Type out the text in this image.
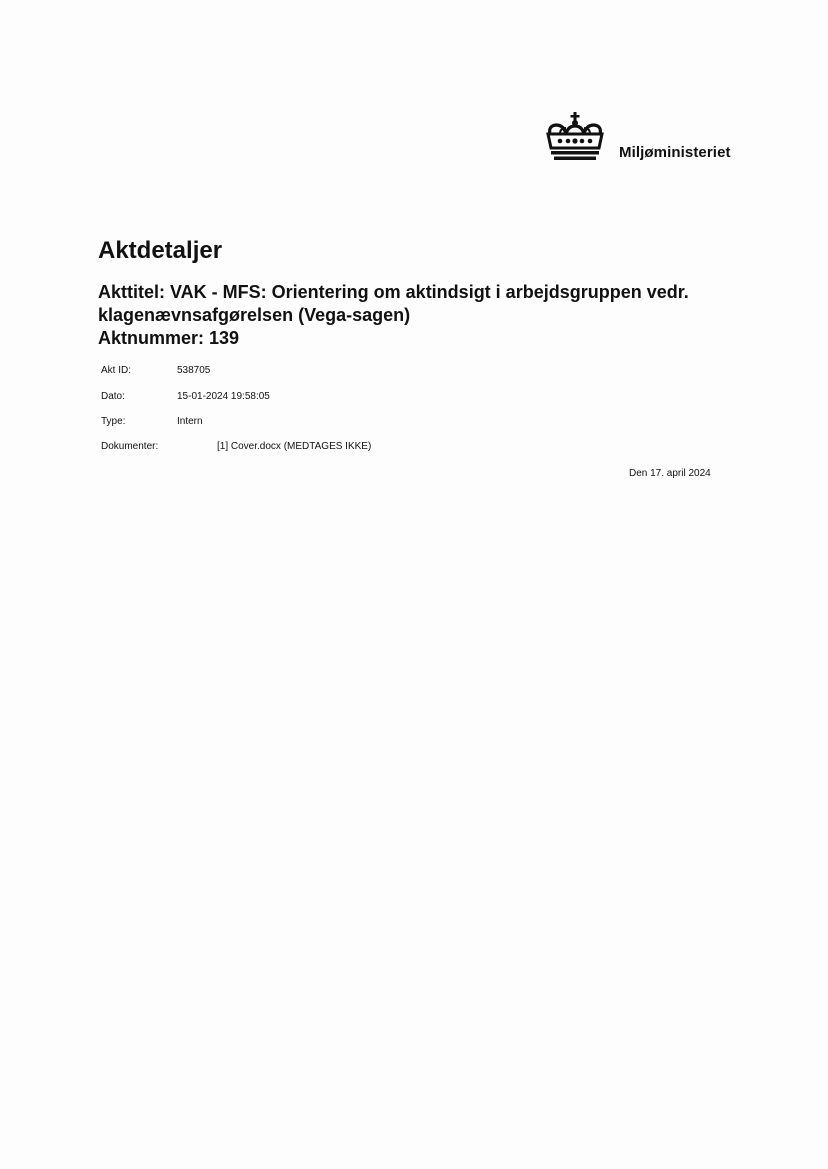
Miljøministeriet
Aktdetaljer
Akttitel: VAK - MFS: Orientering om aktindsigt i arbejdsgruppen vedr.
klagenævnsafgørelsen (Vega-sagen)
Aktnummer: 139
Akt ID:	538705
Dato:	15-01-2024 19:58:05
Type:	Intern
Dokumenter:	[1] Cover.docx (MEDTAGES IKKE)
Den 17. april 2024
